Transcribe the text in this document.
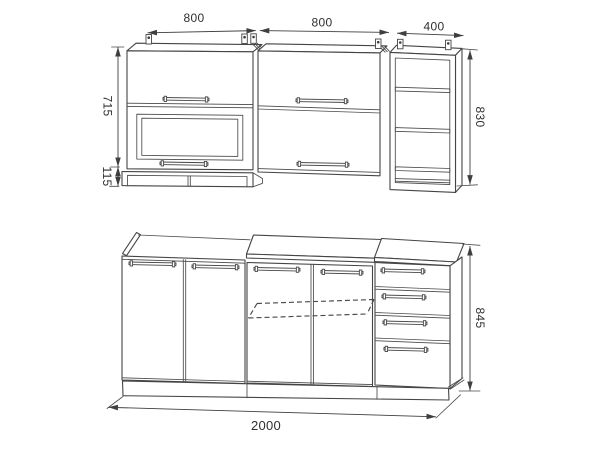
800	800	400
715
115
830
845
2000
